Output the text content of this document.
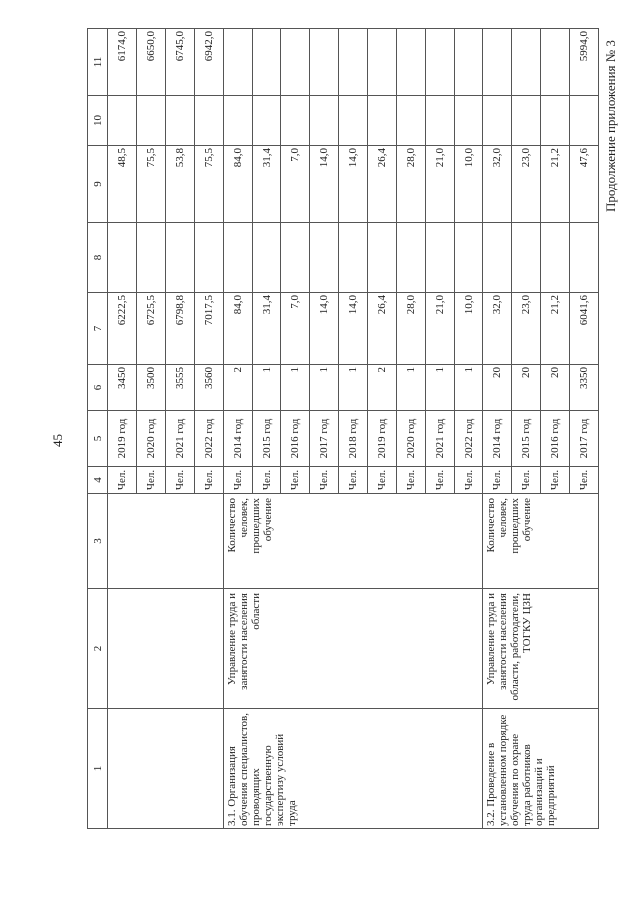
45
Продолжение приложения № 3
1	2	3	4	5	6	7	8	9	10	11
			Чел.	2019 год	3450	6222,5		48,5		6174,0
			Чел.	2020 год	3500	6725,5		75,5		6650,0
			Чел.	2021 год	3555	6798,8		53,8		6745,0
			Чел.	2022 год	3560	7017,5		75,5		6942,0
3.1. Организация обучения специалистов, проводящих государственную экспертизу условий труда	Управление труда и занятости населения области	Количество человек, прошедших обучение	Чел.	2014 год	2	84,0		84,0		
			Чел.	2015 год	1	31,4		31,4		
			Чел.	2016 год	1	7,0		7,0		
			Чел.	2017 год	1	14,0		14,0		
			Чел.	2018 год	1	14,0		14,0		
			Чел.	2019 год	2	26,4		26,4		
			Чел.	2020 год	1	28,0		28,0		
			Чел.	2021 год	1	21,0		21,0		
			Чел.	2022 год	1	10,0		10,0		
3.2. Проведение в установленном порядке обучения по охране труда работников организаций и предприятий	Управление труда и занятости населения области, работодатели, ТОГКУ ЦЗН	Количество человек, прошедших обучение	Чел.	2014 год	20	32,0		32,0		
			Чел.	2015 год	20	23,0		23,0		
			Чел.	2016 год	20	21,2		21,2		
			Чел.	2017 год	3350	6041,6		47,6		5994,0
